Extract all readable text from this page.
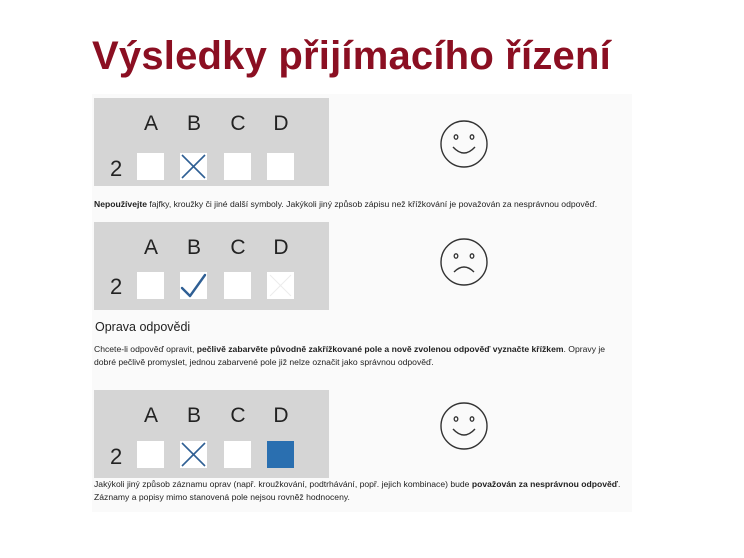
Výsledky přijímacího řízení
A B C D
2

Nepoužívejte fajfky, kroužky či jiné další symboly. Jakýkoli jiný způsob zápisu než křížkování je považován za nesprávnou odpověď.

A B C D
2

Oprava odpovědi

Chcete-li odpověď opravit, pečlivě zabarvěte původně zakřížkované pole a nově zvolenou odpověď vyznačte křížkem. Opravy je dobré pečlivě promyslet, jednou zabarvené pole již nelze označit jako správnou odpověď.

A B C D
2

Jakýkoli jiný způsob záznamu oprav (např. kroužkování, podtrhávání, popř. jejich kombinace) bude považován za nesprávnou odpověď. Záznamy a popisy mimo stanovená pole nejsou rovněž hodnoceny.
